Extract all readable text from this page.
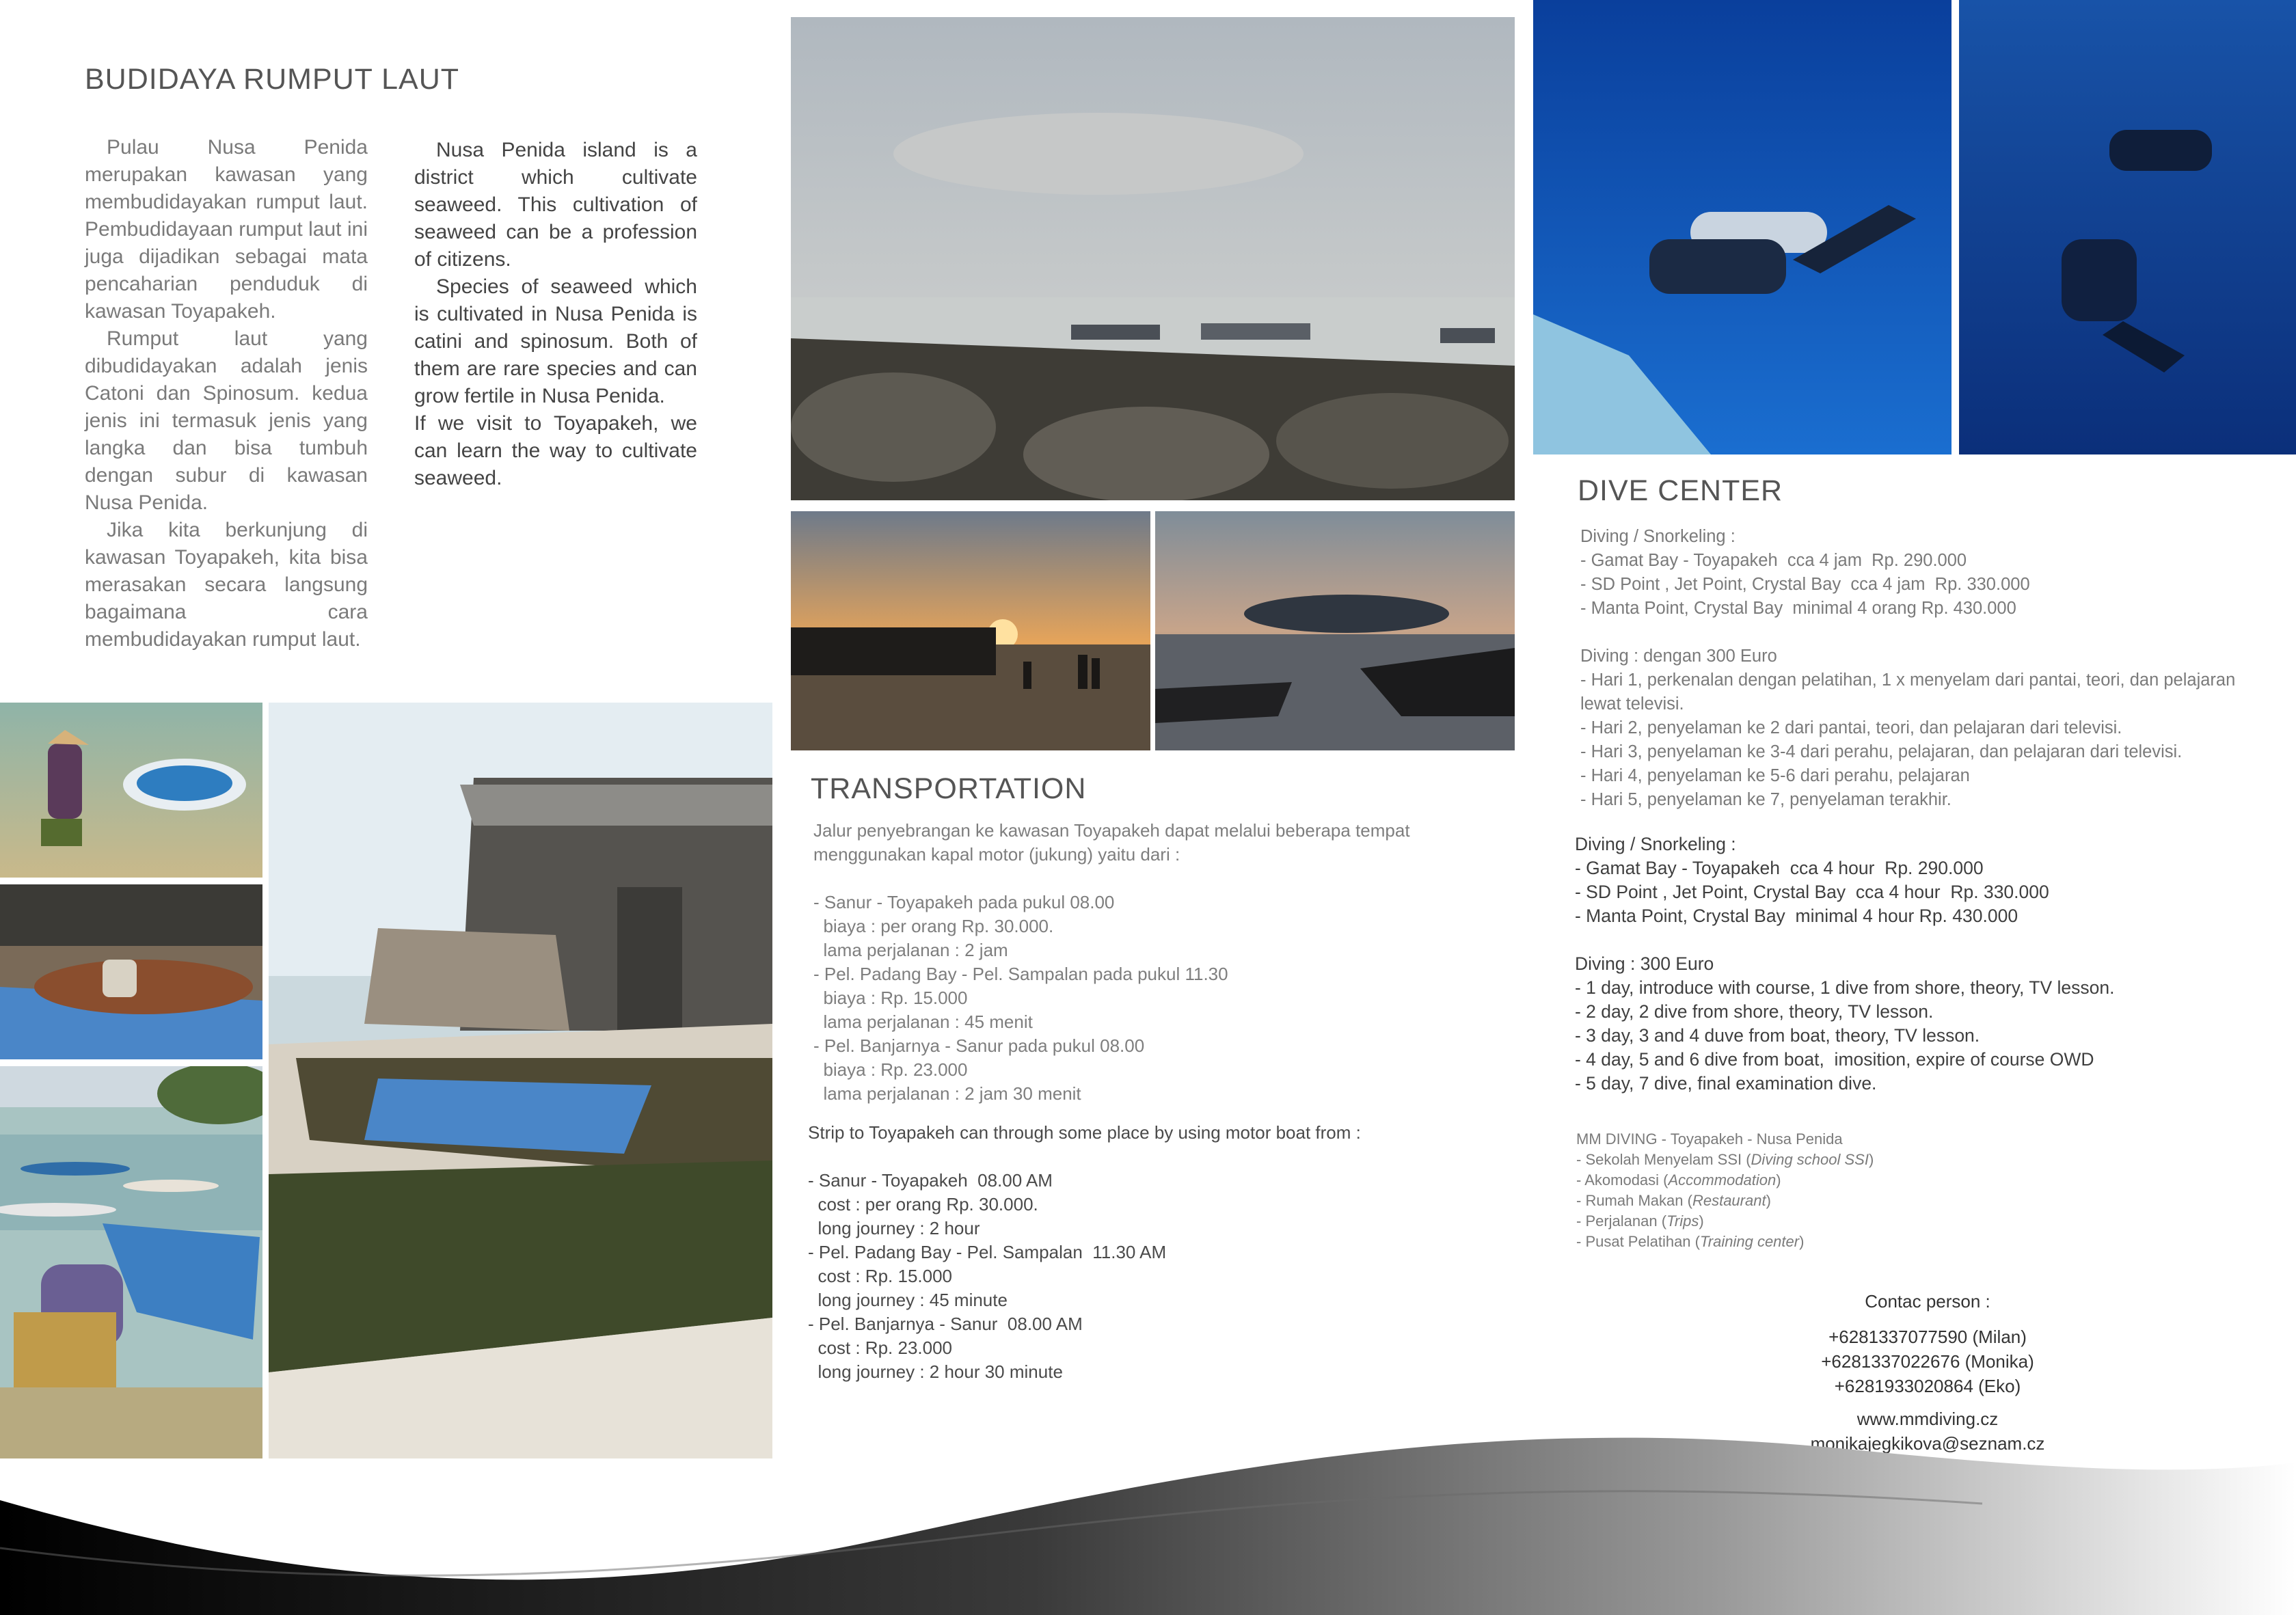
BUDIDAYA RUMPUT LAUT

Pulau Nusa Penida merupakan kawasan yang membudidayakan rumput laut. Pembudidayaan rumput laut ini juga dijadikan sebagai mata pencaharian penduduk di kawasan Toyapakeh.

Rumput laut yang dibudidayakan adalah jenis Catoni dan Spinosum. kedua jenis ini termasuk jenis yang langka dan bisa tumbuh dengan subur di kawasan Nusa Penida.

Jika kita berkunjung di kawasan Toyapakeh, kita bisa merasakan secara langsung bagaimana cara membudidayakan rumput laut.

Nusa Penida island is a district which cultivate seaweed. This cultivation of seaweed can be a profession of citizens.

Species of seaweed which is cultivated in Nusa Penida is catini and spinosum. Both of them are rare species and can grow fertile in Nusa Penida.

If we visit to Toyapakeh, we can learn the way to cultivate seaweed.

TRANSPORTATION

Jalur penyebrangan ke kawasan Toyapakeh dapat melalui beberapa tempat menggunakan kapal motor (jukung) yaitu dari :

- Sanur - Toyapakeh pada pukul 08.00
biaya : per orang Rp. 30.000.
lama perjalanan : 2 jam
- Pel. Padang Bay - Pel. Sampalan pada pukul 11.30
biaya : Rp. 15.000
lama perjalanan : 45 menit
- Pel. Banjarnya - Sanur pada pukul 08.00
biaya : Rp. 23.000
lama perjalanan : 2 jam 30 menit

Strip to Toyapakeh can through some place by using motor boat from :

- Sanur - Toyapakeh  08.00 AM
cost : per orang Rp. 30.000.
long journey : 2 hour
- Pel. Padang Bay - Pel. Sampalan  11.30 AM
cost : Rp. 15.000
long journey : 45 minute
- Pel. Banjarnya - Sanur  08.00 AM
cost : Rp. 23.000
long journey : 2 hour 30 minute
DIVE CENTER
Diving / Snorkeling :
- Gamat Bay - Toyapakeh  cca 4 jam  Rp. 290.000
- SD Point , Jet Point, Crystal Bay  cca 4 jam  Rp. 330.000
- Manta Point, Crystal Bay  minimal 4 orang Rp. 430.000
Diving : dengan 300 Euro
- Hari 1, perkenalan dengan pelatihan, 1 x menyelam dari pantai, teori, dan pelajaran
lewat televisi.
- Hari 2, penyelaman ke 2 dari pantai, teori, dan pelajaran dari televisi.
- Hari 3, penyelaman ke 3-4 dari perahu, pelajaran, dan pelajaran dari televisi.
- Hari 4, penyelaman ke 5-6 dari perahu, pelajaran
- Hari 5, penyelaman ke 7, penyelaman terakhir.
Diving / Snorkeling :
- Gamat Bay - Toyapakeh  cca 4 hour  Rp. 290.000
- SD Point , Jet Point, Crystal Bay  cca 4 hour  Rp. 330.000
- Manta Point, Crystal Bay  minimal 4 hour Rp. 430.000
Diving : 300 Euro
- 1 day, introduce with course, 1 dive from shore, theory, TV lesson.
- 2 day, 2 dive from shore, theory, TV lesson.
- 3 day, 3 and 4 duve from boat, theory, TV lesson.
- 4 day, 5 and 6 dive from boat,  imosition, expire of course OWD
- 5 day, 7 dive, final examination dive.
MM DIVING - Toyapakeh - Nusa Penida
- Sekolah Menyelam SSI (Diving school SSI)
- Akomodasi (Accommodation)
- Rumah Makan (Restaurant)
- Perjalanan (Trips)
- Pusat Pelatihan (Training center)
Contac person :
+6281337077590 (Milan)
+6281337022676 (Monika)
+6281933020864 (Eko)
www.mmdiving.cz
monikajegkikova@seznam.cz
